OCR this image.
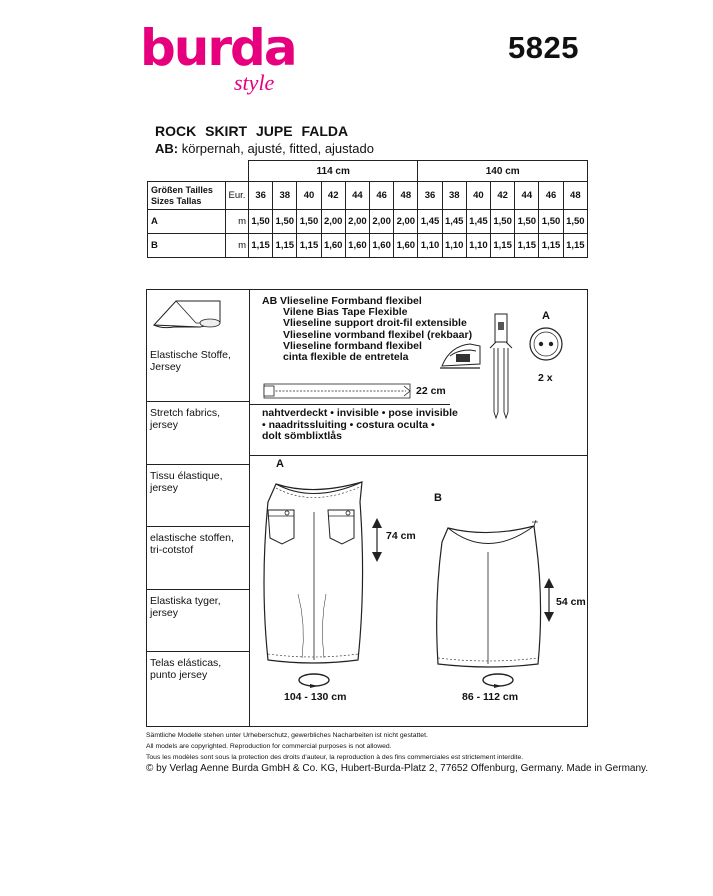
burda
style
5825
ROCK SKIRT JUPE FALDA
AB: körpernah, ajusté, fitted, ajustado
		114 cm							140 cm						

Größen Tailles
Sizes Tallas	Eur.	36	38	40	42	44	46	48	36	38	40	42	44	46	48
A	m	1,50	1,50	1,50	2,00	2,00	2,00	2,00	1,45	1,45	1,45	1,50	1,50	1,50	1,50
B	m	1,15	1,15	1,15	1,60	1,60	1,60	1,60	1,10	1,10	1,10	1,15	1,15	1,15	1,15
Elastische Stoffe, Jersey
Stretch fabrics, jersey
Tissu élastique, jersey
elastische stoffen, tri-cotstof
Elastiska tyger, jersey
Telas elásticas, punto jersey
AB Vlieseline Formband flexibel
Vilene Bias Tape Flexible
Vlieseline support droit-fil extensible
Vlieseline vormband flexibel (rekbaar)
Vlieseline formband flexibel
cinta flexible de entretela
A
2 x
22 cm
nahtverdeckt • invisible • pose invisible
• naadritssluiting • costura oculta •
dolt sömblixtlås
A
74 cm
104 - 130 cm
B
54 cm
86 - 112 cm
Sämtliche Modelle stehen unter Urheberschutz, gewerbliches Nacharbeiten ist nicht gestattet.
All models are copyrighted. Reproduction for commercial purposes is not allowed.
Tous les modèles sont sous la protection des droits d'auteur, la reproduction à des fins commerciales est strictement interdite.
© by Verlag Aenne Burda GmbH & Co. KG, Hubert-Burda-Platz 2, 77652 Offenburg, Germany. Made in Germany.
